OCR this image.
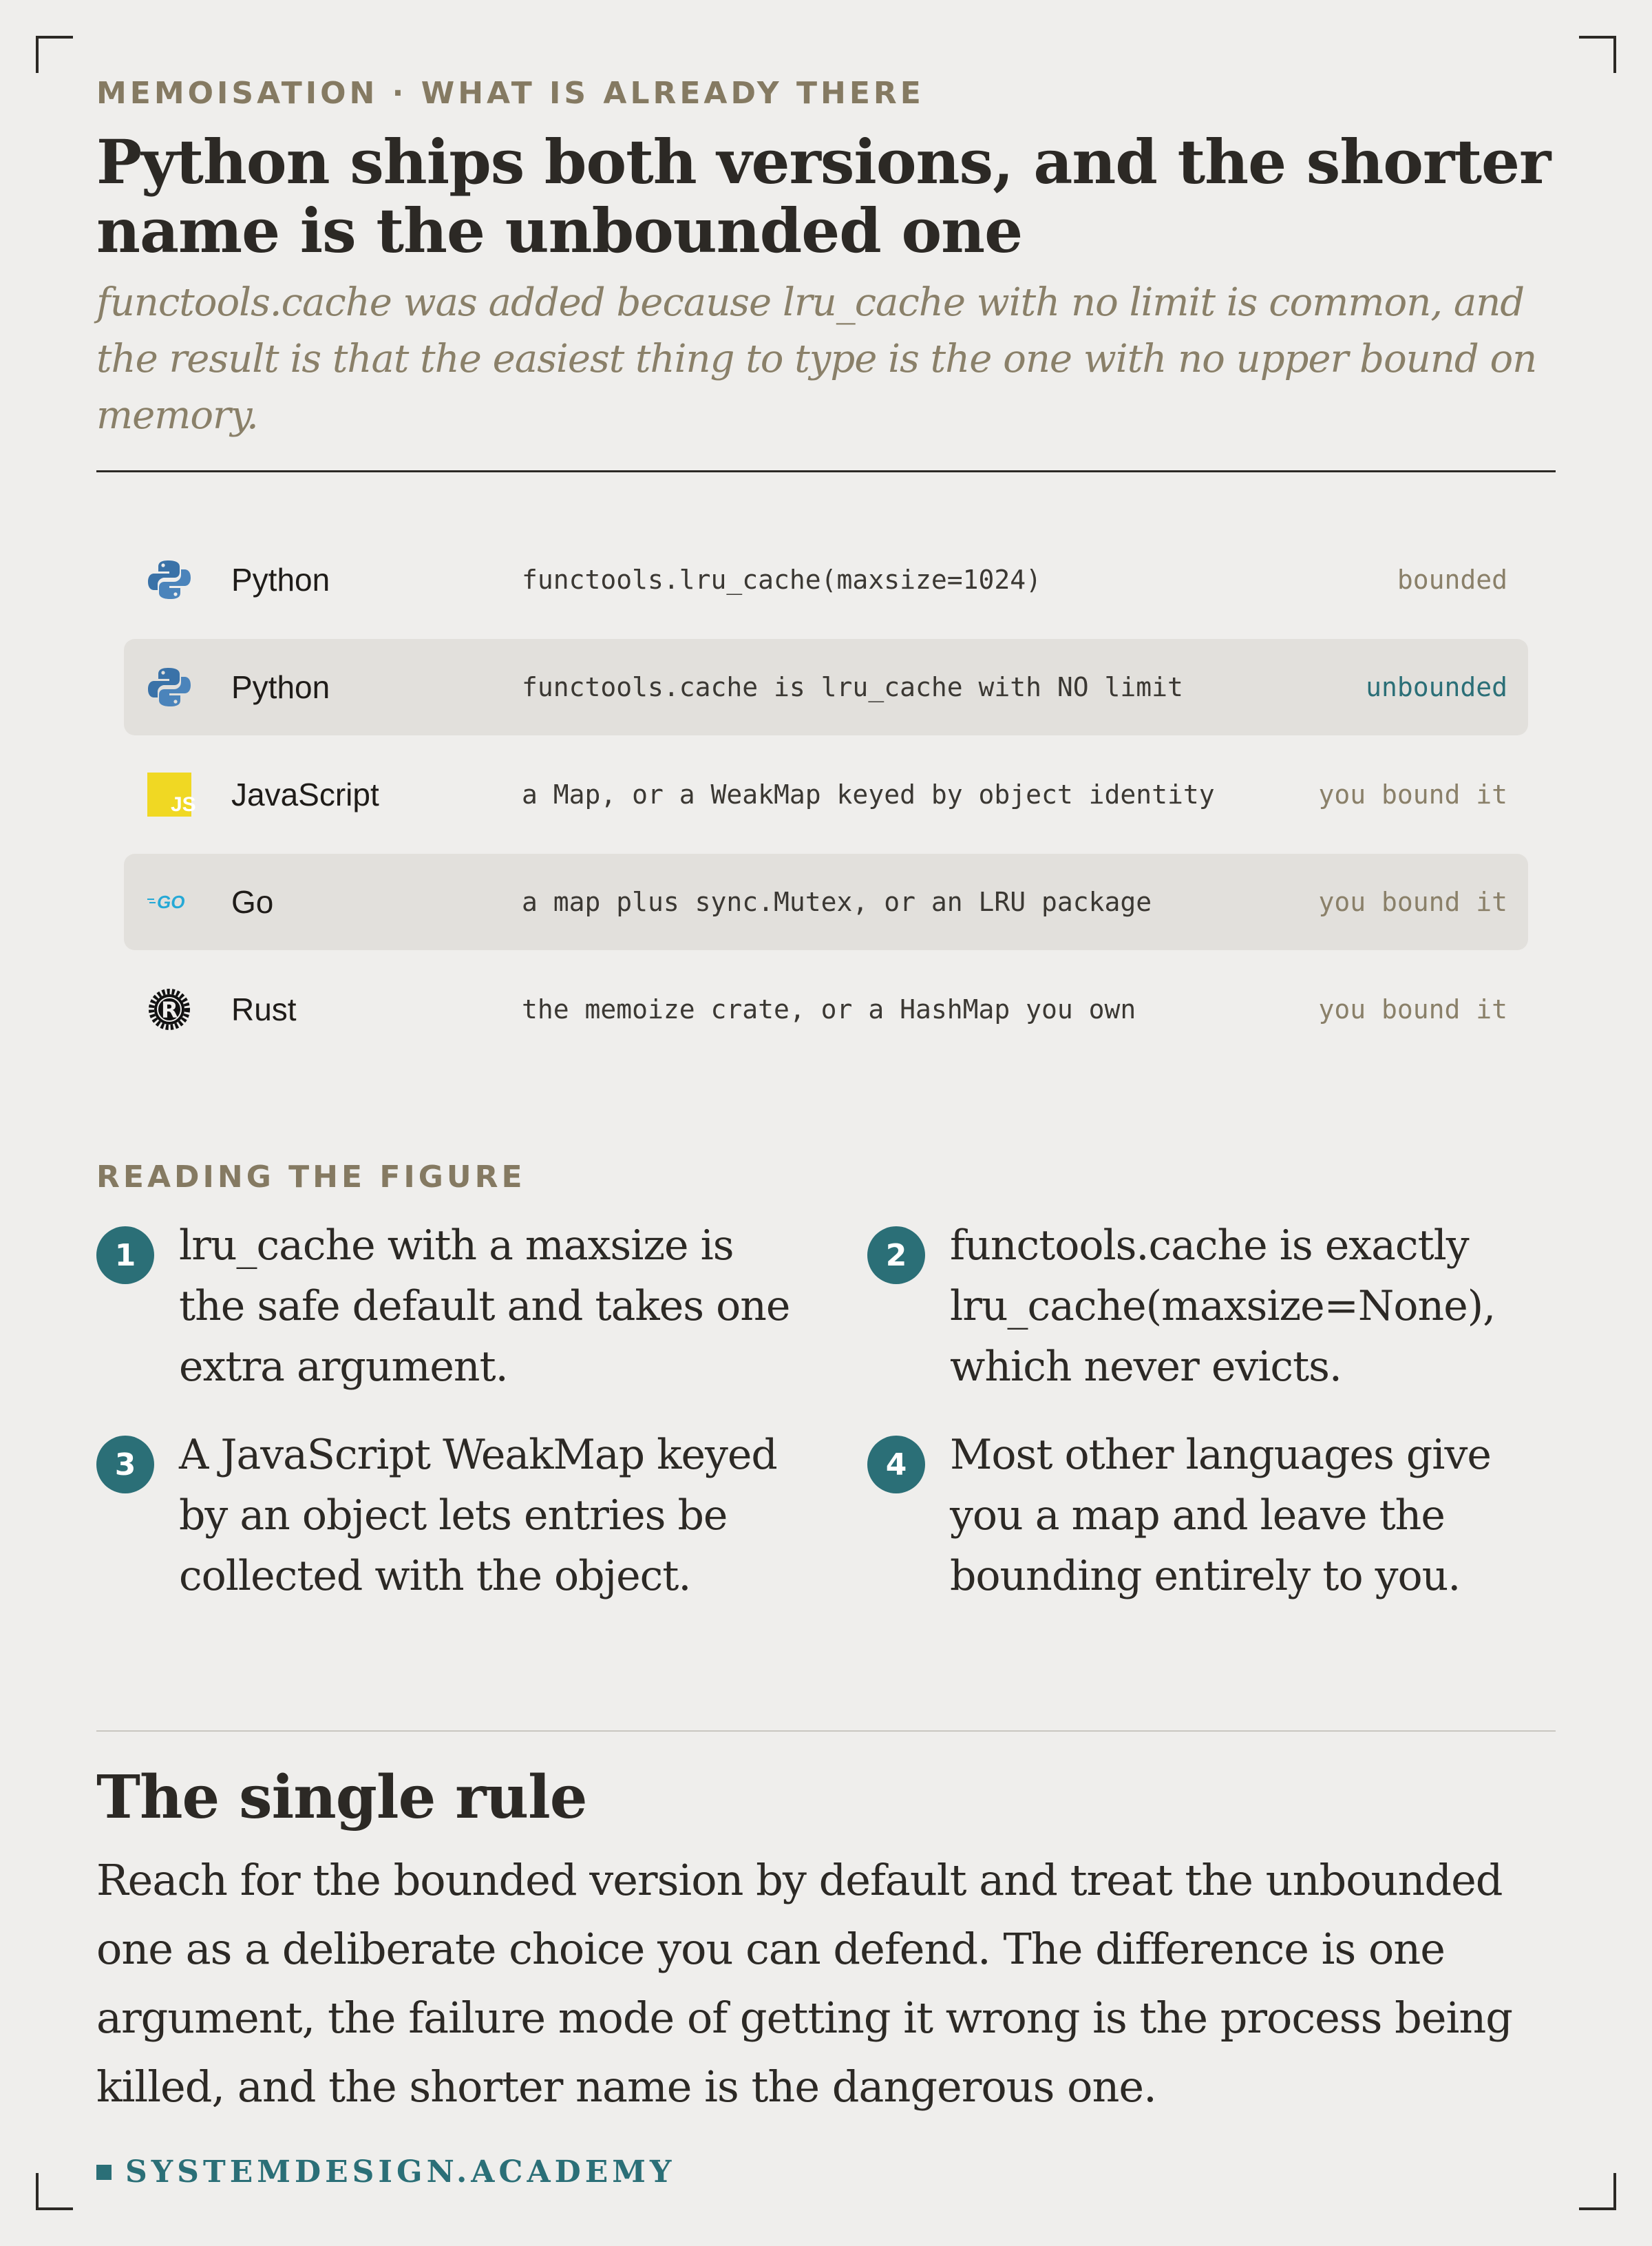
MEMOISATION · WHAT IS ALREADY THERE

Python ships both versions, and the shorter name is the unbounded one

functools.cache was added because lru_cache with no limit is common, and the result is that the easiest thing to type is the one with no upper bound on memory.

Python	functools.lru_cache(maxsize=1024)	bounded
Python	functools.cache is lru_cache with NO limit	unbounded
JS JavaScript	a Map, or a WeakMap keyed by object identity	you bound it
GO Go	a map plus sync.Mutex, or an LRU package	you bound it
R Rust	the memoize crate, or a HashMap you own	you bound it

READING THE FIGURE

1	lru_cache with a maxsize is the safe default and takes one extra argument.

2	functools.cache is exactly lru_cache(maxsize=None), which never evicts.

3	A JavaScript WeakMap keyed by an object lets entries be collected with the object.

4	Most other languages give you a map and leave the bounding entirely to you.

The single rule

Reach for the bounded version by default and treat the unbounded one as a deliberate choice you can defend. The difference is one argument, the failure mode of getting it wrong is the process being killed, and the shorter name is the dangerous one.

SYSTEMDESIGN.ACADEMY
